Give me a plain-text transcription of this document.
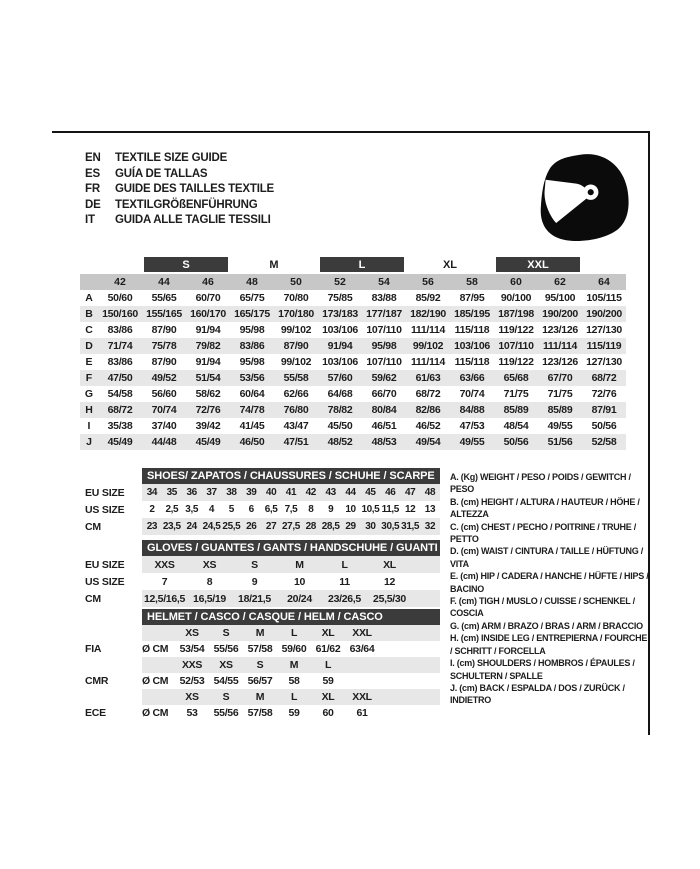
EN	TEXTILE SIZE GUIDE
ES	GUÍA DE TALLAS
FR	GUIDE DES TAILLES TEXTILE
DE	TEXTILGRÖßENFÜHRUNG
IT	GUIDA ALLE TAGLIE TESSILI
S	M	L	XL	XXL
42	44	46	48	50	52	54	56	58	60	62	64
A	50/60	55/65	60/70	65/75	70/80	75/85	83/88	85/92	87/95	90/100	95/100	105/115
B 150/160 155/165 160/170 165/175 170/180 173/183 177/187 182/190 185/195 187/198 190/200 190/200
C	83/86	87/90	91/94	95/98	99/102	103/106 107/110 111/114 115/118 119/122 123/126 127/130
D	71/74	75/78	79/82	83/86	87/90	91/94	95/98	99/102	103/106 107/110 111/114 115/119
E	83/86	87/90	91/94	95/98	99/102	103/106 107/110 111/114 115/118 119/122 123/126 127/130
F	47/50	49/52	51/54	53/56	55/58	57/60	59/62	61/63	63/66	65/68	67/70	68/72
G	54/58	56/60	58/62	60/64	62/66	64/68	66/70	68/72	70/74	71/75	71/75	72/76
H	68/72	70/74	72/76	74/78	76/80	78/82	80/84	82/86	84/88	85/89	85/89	87/91
I	35/38	37/40	39/42	41/45	43/47	45/50	46/51	46/52	47/53	48/54	49/55	50/56
J	45/49	44/48	45/49	46/50	47/51	48/52	48/53	49/54	49/55	50/56	51/56	52/58
SHOES/ ZAPATOS / CHAUSSURES / SCHUHE / SCARPE
EU SIZE	34 35 36 37 38 39 40 41 42 43 44 45 46 47 48
US SIZE	2	2,5 3,5	4	5	6	6,5 7,5	8	9	10 10,5 11,5 12 13
CM	23 23,5 24 24,5 25,5 26 27 27,5 28 28,5 29 30 30,5 31,5 32
GLOVES / GUANTES / GANTS / HANDSCHUHE / GUANTI
EU SIZE	XXS	XS	S	M	L	XL
US SIZE	7	8	9	10	11	12
CM	12,5/16,5 16,5/19	18/21,5	20/24	23/26,5	25,5/30
HELMET / CASCO / CASQUE / HELM / CASCO
XS	S	M	L	XL	XXL
FIA	Ø CM	53/54 55/56 57/58 59/60 61/62 63/64
XXS	XS	S	M	L
CMR	Ø CM	52/53 54/55 56/57	58	59
XS	S	M	L	XL	XXL
ECE	Ø CM	53	55/56 57/58	59	60	61
A. (Kg) WEIGHT / PESO / POIDS / GEWITCH / PESO
B. (cm) HEIGHT / ALTURA / HAUTEUR / HÖHE / ALTEZZA
C. (cm) CHEST / PECHO / POITRINE / TRUHE / PETTO
D. (cm) WAIST / CINTURA / TAILLE / HÜFTUNG / VITA
E. (cm) HIP / CADERA / HANCHE / HÜFTE / HIPS / BACINO
F. (cm) TIGH / MUSLO / CUISSE / SCHENKEL / COSCIA
G. (cm) ARM / BRAZO / BRAS / ARM / BRACCIO
H. (cm) INSIDE LEG / ENTREPIERNA / FOURCHE / SCHRITT / FORCELLA
I. (cm) SHOULDERS / HOMBROS / ÉPAULES / SCHULTERN / SPALLE
J. (cm) BACK / ESPALDA / DOS / ZURÜCK / INDIETRO
